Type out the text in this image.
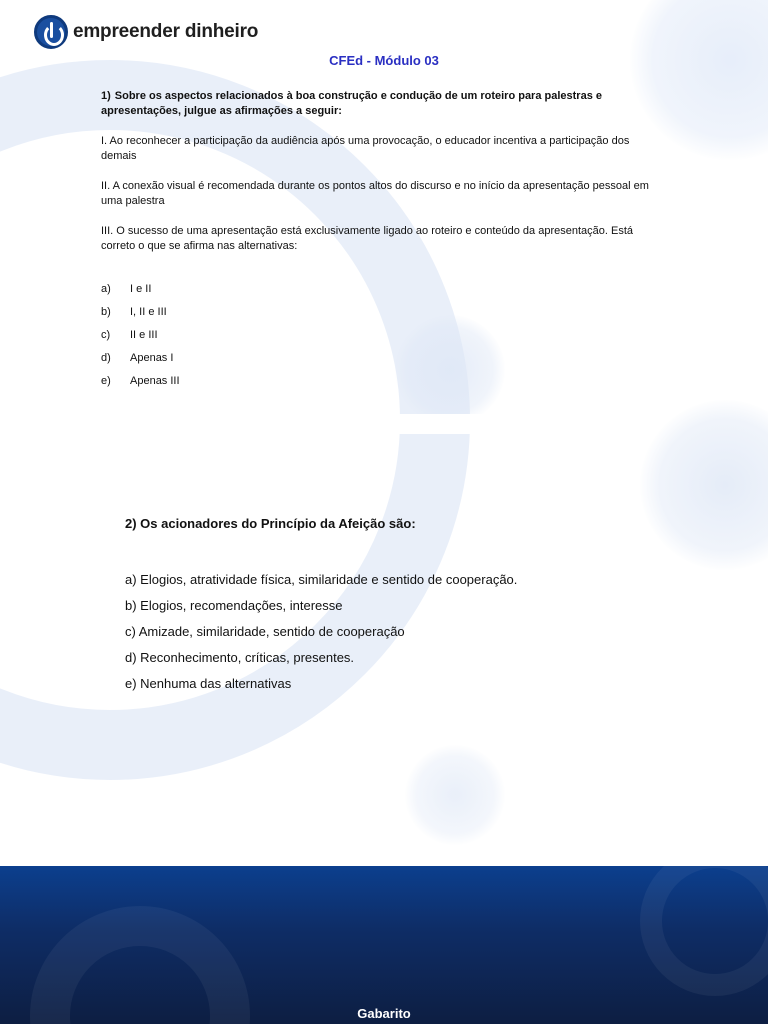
empreender dinheiro
CFEd - Módulo 03

1) Sobre os aspectos relacionados à boa construção e condução de um roteiro para palestras e apresentações, julgue as afirmações a seguir:

I. Ao reconhecer a participação da audiência após uma provocação, o educador incentiva a participação dos demais

II. A conexão visual é recomendada durante os pontos altos do discurso e no início da apresentação pessoal em uma palestra

III. O sucesso de uma apresentação está exclusivamente ligado ao roteiro e conteúdo da apresentação. Está correto o que se afirma nas alternativas:

a)	I e II
b)	I, II e III
c)	II e III
d)	Apenas I
e)	Apenas III

2) Os acionadores do Princípio da Afeição são:

a) Elogios, atratividade física, similaridade e sentido de cooperação.
b) Elogios, recomendações, interesse
c) Amizade, similaridade, sentido de cooperação
d) Reconhecimento, críticas, presentes.
e) Nenhuma das alternativas
Gabarito
